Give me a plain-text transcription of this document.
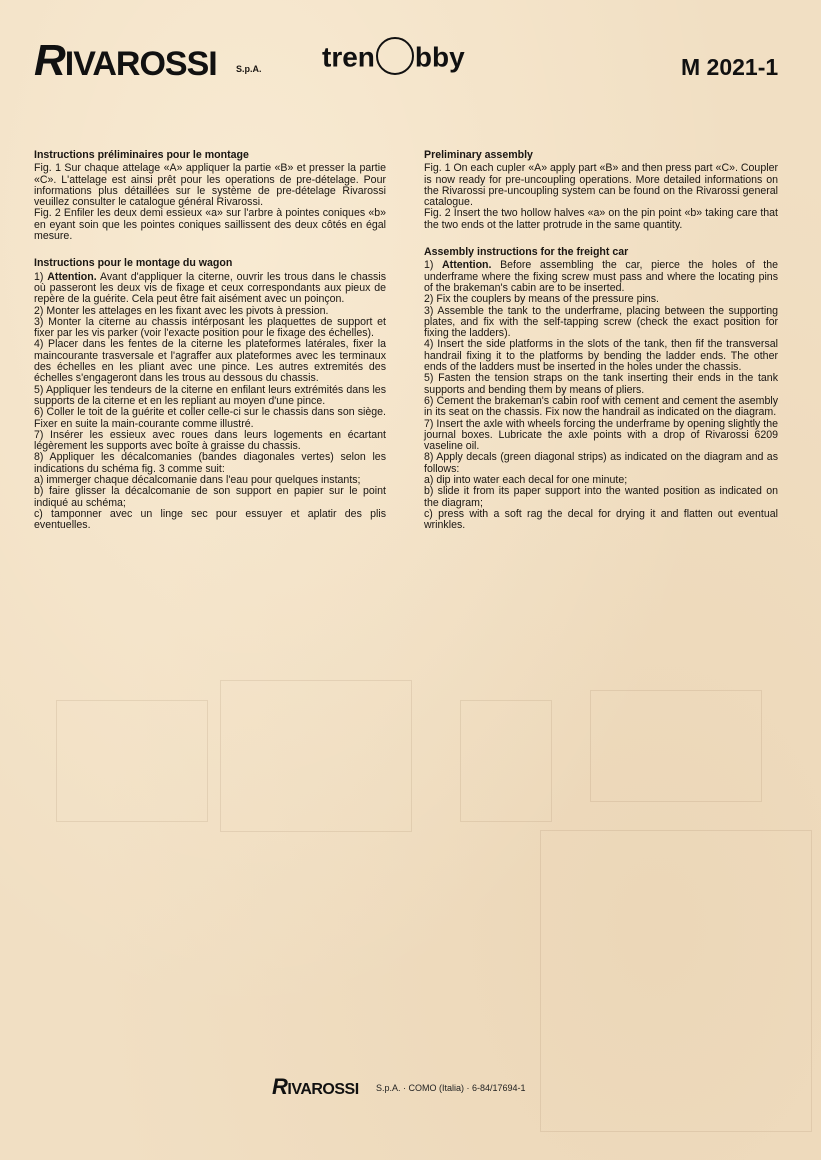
RIVAROSSI S.p.A. tren bby	M 2021-1
Instructions préliminaires pour le montage

Fig. 1 Sur chaque attelage «A» appliquer la partie «B» et presser la partie «C». L'attelage est ainsi prêt pour les operations de pre-dételage. Pour informations plus détaillées sur le système de pre-dételage Rivarossi veuillez consulter le catalogue général Rivarossi.

Fig. 2 Enfiler les deux demi essieux «a» sur l'arbre à pointes coniques «b» en eyant soin que les pointes coniques saillissent des deux côtés en égal mesure.

Instructions pour le montage du wagon

1) Attention. Avant d'appliquer la citerne, ouvrir les trous dans le chassis où passeront les deux vis de fixage et ceux correspondants aux pieux de repère de la guérite. Cela peut être fait aisément avec un poinçon.

2) Monter les attelages en les fixant avec les pivots à pression.

3) Monter la citerne au chassis intérposant les plaquettes de support et fixer par les vis parker (voir l'exacte position pour le fixage des échelles).

4) Placer dans les fentes de la citerne les plateformes latérales, fixer la maincourante trasversale et l'agraffer aux plateformes avec les terminaux des échelles en les pliant avec une pince. Les autres extremités des échelles s'engageront dans les trous au dessous du chassis.

5) Appliquer les tendeurs de la citerne en enfilant leurs extrémités dans les supports de la citerne et en les repliant au moyen d'une pince.

6) Coller le toit de la guérite et coller celle-ci sur le chassis dans son siège. Fixer en suite la main-courante comme illustré.

7) Insérer les essieux avec roues dans leurs logements en écartant légèrement les supports avec boîte à graisse du chassis.

8) Appliquer les décalcomanies (bandes diagonales vertes) selon les indications du schéma fig. 3 comme suit:

a) immerger chaque décalcomanie dans l'eau pour quelques instants;

b) faire glisser la décalcomanie de son support en papier sur le point indiqué au schéma;

c) tamponner avec un linge sec pour essuyer et aplatir des plis eventuelles.

Preliminary assembly

Fig. 1 On each cupler «A» apply part «B» and then press part «C». Coupler is now ready for pre-uncoupling operations. More detailed informations on the Rivarossi pre-uncoupling system can be found on the Rivarossi general catalogue.

Fig. 2 Insert the two hollow halves «a» on the pin point «b» taking care that the two ends ot the latter protrude in the same quantity.

Assembly instructions for the freight car

1) Attention. Before assembling the car, pierce the holes of the underframe where the fixing screw must pass and where the locating pins of the brakeman's cabin are to be inserted.

2) Fix the couplers by means of the pressure pins.

3) Assemble the tank to the underframe, placing between the supporting plates, and fix with the self-tapping screw (check the exact position for fixing the ladders).

4) Insert the side platforms in the slots of the tank, then fif the transversal handrail fixing it to the platforms by bending the ladder ends. The other ends of the ladders must be inserted in the holes under the chassis.

5) Fasten the tension straps on the tank inserting their ends in the tank supports and bending them by means of pliers.

6) Cement the brakeman's cabin roof with cement and cement the asembly in its seat on the chassis. Fix now the handrail as indicated on the diagram.

7) Insert the axle with wheels forcing the underframe by opening slightly the journal boxes. Lubricate the axle points with a drop of Rivarossi 6209 vaseline oil.

8) Apply decals (green diagonal strips) as indicated on the diagram and as follows:

a) dip into water each decal for one minute;

b) slide it from its paper support into the wanted position as indicated on the diagram;

c) press with a soft rag the decal for drying it and flatten out eventual wrinkles.

RIVAROSSI S.p.A. · COMO (Italia) · 6-84/17694-1
